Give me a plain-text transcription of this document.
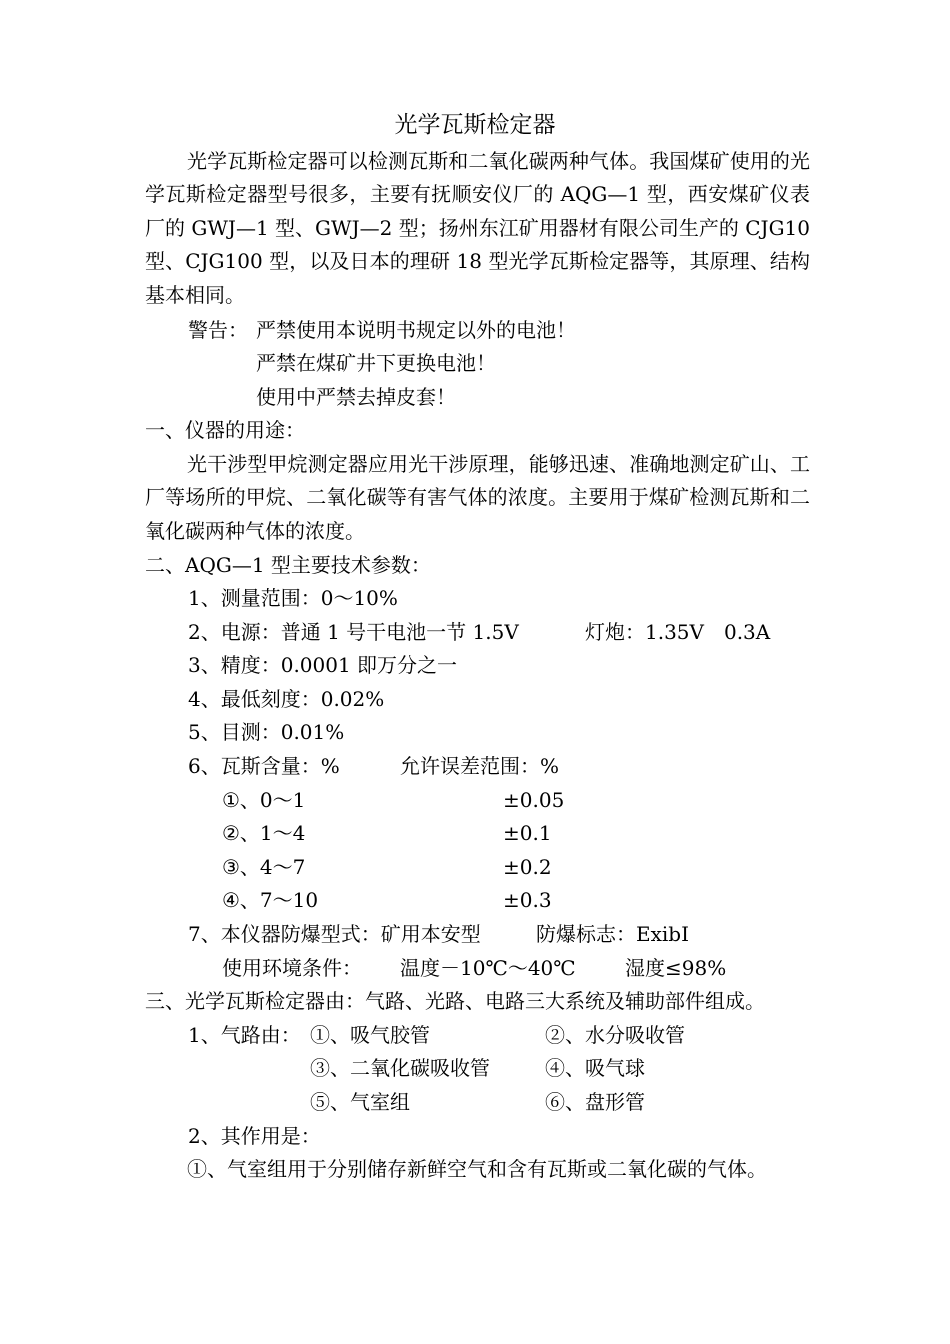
光学瓦斯检定器

光学瓦斯检定器可以检测瓦斯和二氧化碳两种气体。我国煤矿使用的光学瓦斯检定器型号很多，主要有抚顺安仪厂的 AQG—1 型，西安煤矿仪表厂的 GWJ—1 型、GWJ—2 型；扬州东江矿用器材有限公司生产的 CJG10 型、CJG100 型，以及日本的理研 18 型光学瓦斯检定器等，其原理、结构基本相同。

警告： 严禁使用本说明书规定以外的电池！
严禁在煤矿井下更换电池！
使用中严禁去掉皮套！
一、仪器的用途：

光干涉型甲烷测定器应用光干涉原理，能够迅速、准确地测定矿山、工厂等场所的甲烷、二氧化碳等有害气体的浓度。主要用于煤矿检测瓦斯和二氧化碳两种气体的浓度。

二、AQG—1 型主要技术参数：
1、测量范围：0～10%
2、电源：普通 1 号干电池一节 1.5V	灯炮：1.35V　0.3A
3、精度：0.0001 即万分之一
4、最低刻度：0.02%
5、目测：0.01%
6、瓦斯含量：%	允许误差范围：%
①、0～1	±0.05
②、1～4	±0.1
③、4～7	±0.2
④、7～10	±0.3
7、本仪器防爆型式：矿用本安型	防爆标志：ExibI
使用环境条件： 温度－10℃～40℃ 湿度≤98%
三、光学瓦斯检定器由：气路、光路、电路三大系统及辅助部件组成。
1、气路由： ①、吸气胶管	②、水分吸收管
③、二氧化碳吸收管	④、吸气球
⑤、气室组	⑥、盘形管
2、其作用是：

①、气室组用于分别储存新鲜空气和含有瓦斯或二氧化碳的气体。
